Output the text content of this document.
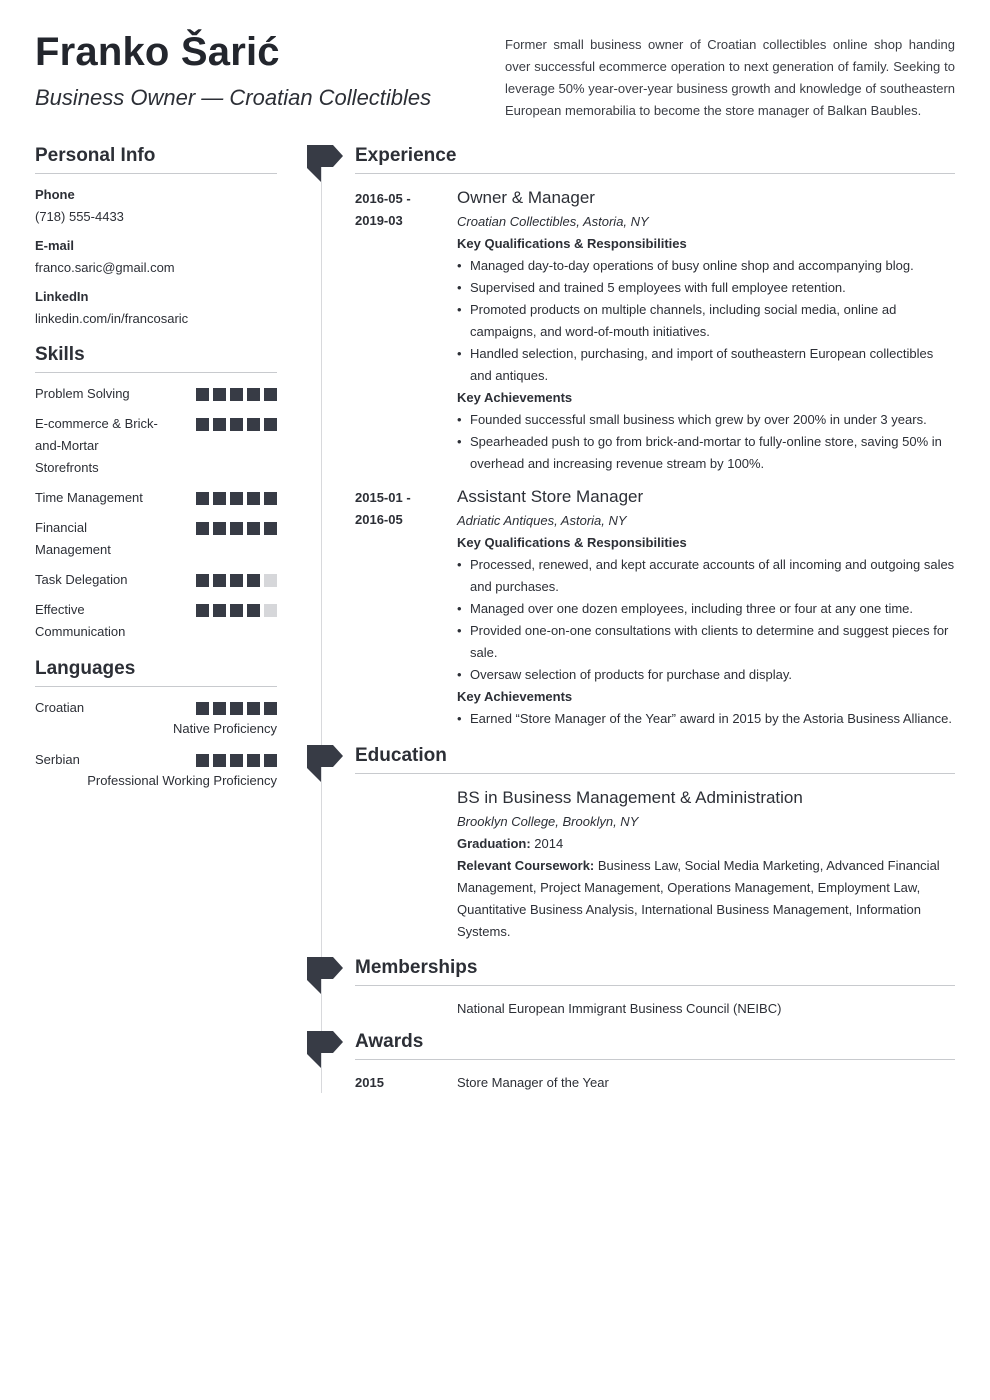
Franko Šarić
Business Owner — Croatian Collectibles
Former small business owner of Croatian collectibles online shop handing over successful ecommerce operation to next generation of family. Seeking to leverage 50% year-over-year business growth and knowledge of southeastern European memorabilia to become the store manager of Balkan Baubles.
Personal Info
Phone
(718) 555-4433
E-mail
franco.saric@gmail.com
LinkedIn
linkedin.com/in/francosaric
Skills
Problem Solving
E-commerce & Brick-and-Mortar Storefronts
Time Management
Financial Management
Task Delegation
Effective Communication
Languages
Croatian
Native Proficiency
Serbian
Professional Working Proficiency
Experience
2016-05 - 2019-03
Owner & Manager
Croatian Collectibles, Astoria, NY
Key Qualifications & Responsibilities
• Managed day-to-day operations of busy online shop and accompanying blog.
• Supervised and trained 5 employees with full employee retention.
• Promoted products on multiple channels, including social media, online ad campaigns, and word-of-mouth initiatives.
• Handled selection, purchasing, and import of southeastern European collectibles and antiques.
Key Achievements
• Founded successful small business which grew by over 200% in under 3 years.
• Spearheaded push to go from brick-and-mortar to fully-online store, saving 50% in overhead and increasing revenue stream by 100%.
2015-01 - 2016-05
Assistant Store Manager
Adriatic Antiques, Astoria, NY
Key Qualifications & Responsibilities
• Processed, renewed, and kept accurate accounts of all incoming and outgoing sales and purchases.
• Managed over one dozen employees, including three or four at any one time.
• Provided one-on-one consultations with clients to determine and suggest pieces for sale.
• Oversaw selection of products for purchase and display.
Key Achievements
• Earned “Store Manager of the Year” award in 2015 by the Astoria Business Alliance.
Education
BS in Business Management & Administration
Brooklyn College, Brooklyn, NY
Graduation: 2014
Relevant Coursework: Business Law, Social Media Marketing, Advanced Financial Management, Project Management, Operations Management, Employment Law, Quantitative Business Analysis, International Business Management, Information Systems.
Memberships
National European Immigrant Business Council (NEIBC)
Awards
2015	Store Manager of the Year
